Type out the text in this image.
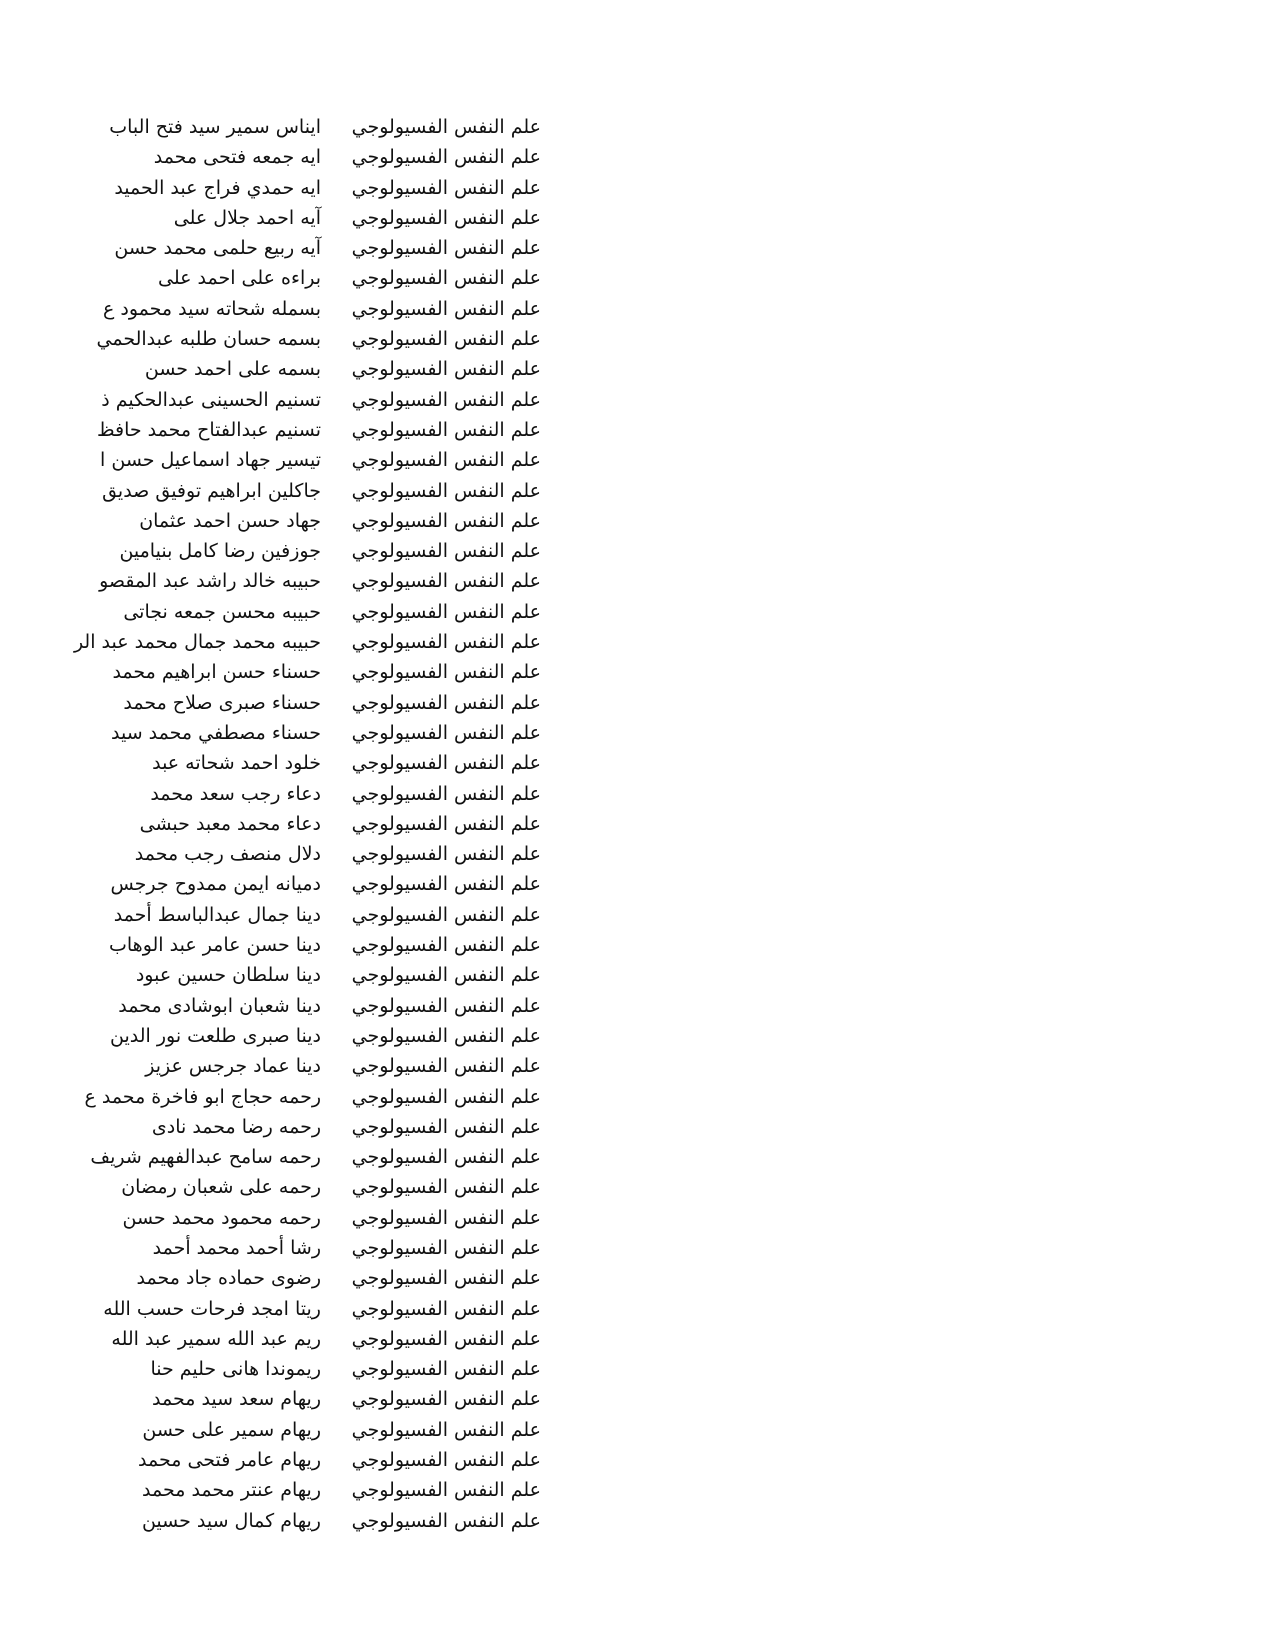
علم النفس الفسيولوجي
ايناس سمير سيد فتح الباب
علم النفس الفسيولوجي
ايه جمعه فتحى محمد
علم النفس الفسيولوجي
ايه حمدي فراج عبد الحميد
علم النفس الفسيولوجي
آيه احمد جلال على
علم النفس الفسيولوجي
آيه ربيع حلمى محمد حسن
علم النفس الفسيولوجي
براءه على احمد على
علم النفس الفسيولوجي
بسمله شحاته سيد محمود ع
علم النفس الفسيولوجي
بسمه حسان طلبه عبدالحمي
علم النفس الفسيولوجي
بسمه على احمد حسن
علم النفس الفسيولوجي
تسنيم الحسينى عبدالحكيم ذ
علم النفس الفسيولوجي
تسنيم عبدالفتاح محمد حافظ
علم النفس الفسيولوجي
تيسير جهاد اسماعيل حسن ا
علم النفس الفسيولوجي
جاكلين ابراهيم توفيق صديق
علم النفس الفسيولوجي
جهاد حسن احمد عثمان
علم النفس الفسيولوجي
جوزفين رضا كامل بنيامين
علم النفس الفسيولوجي
حبيبه خالد راشد عبد المقصو
علم النفس الفسيولوجي
حبيبه محسن جمعه نجاتى
علم النفس الفسيولوجي
حبيبه محمد جمال محمد عبد الر
علم النفس الفسيولوجي
حسناء حسن ابراهيم محمد
علم النفس الفسيولوجي
حسناء صبرى صلاح محمد
علم النفس الفسيولوجي
حسناء مصطفي محمد سيد
علم النفس الفسيولوجي
خلود احمد شحاته عبد
علم النفس الفسيولوجي
دعاء رجب سعد محمد
علم النفس الفسيولوجي
دعاء محمد معبد حبشى
علم النفس الفسيولوجي
دلال منصف رجب محمد
علم النفس الفسيولوجي
دميانه ايمن ممدوح جرجس
علم النفس الفسيولوجي
دينا جمال عبدالباسط أحمد
علم النفس الفسيولوجي
دينا حسن عامر عبد الوهاب
علم النفس الفسيولوجي
دينا سلطان حسين عبود
علم النفس الفسيولوجي
دينا شعبان ابوشادى محمد
علم النفس الفسيولوجي
دينا صبرى طلعت نور الدين
علم النفس الفسيولوجي
دينا عماد جرجس عزيز
علم النفس الفسيولوجي
رحمه حجاج ابو فاخرة محمد ع
علم النفس الفسيولوجي
رحمه رضا محمد نادى
علم النفس الفسيولوجي
رحمه سامح عبدالفهيم شريف
علم النفس الفسيولوجي
رحمه على شعبان رمضان
علم النفس الفسيولوجي
رحمه محمود محمد حسن
علم النفس الفسيولوجي
رشا أحمد محمد أحمد
علم النفس الفسيولوجي
رضوى حماده جاد محمد
علم النفس الفسيولوجي
ريتا امجد فرحات حسب الله
علم النفس الفسيولوجي
ريم عبد الله سمير عبد الله
علم النفس الفسيولوجي
ريموندا هانى حليم حنا
علم النفس الفسيولوجي
ريهام سعد سيد محمد
علم النفس الفسيولوجي
ريهام سمير على حسن
علم النفس الفسيولوجي
ريهام عامر فتحى محمد
علم النفس الفسيولوجي
ريهام عنتر محمد محمد
علم النفس الفسيولوجي
ريهام كمال سيد حسين
